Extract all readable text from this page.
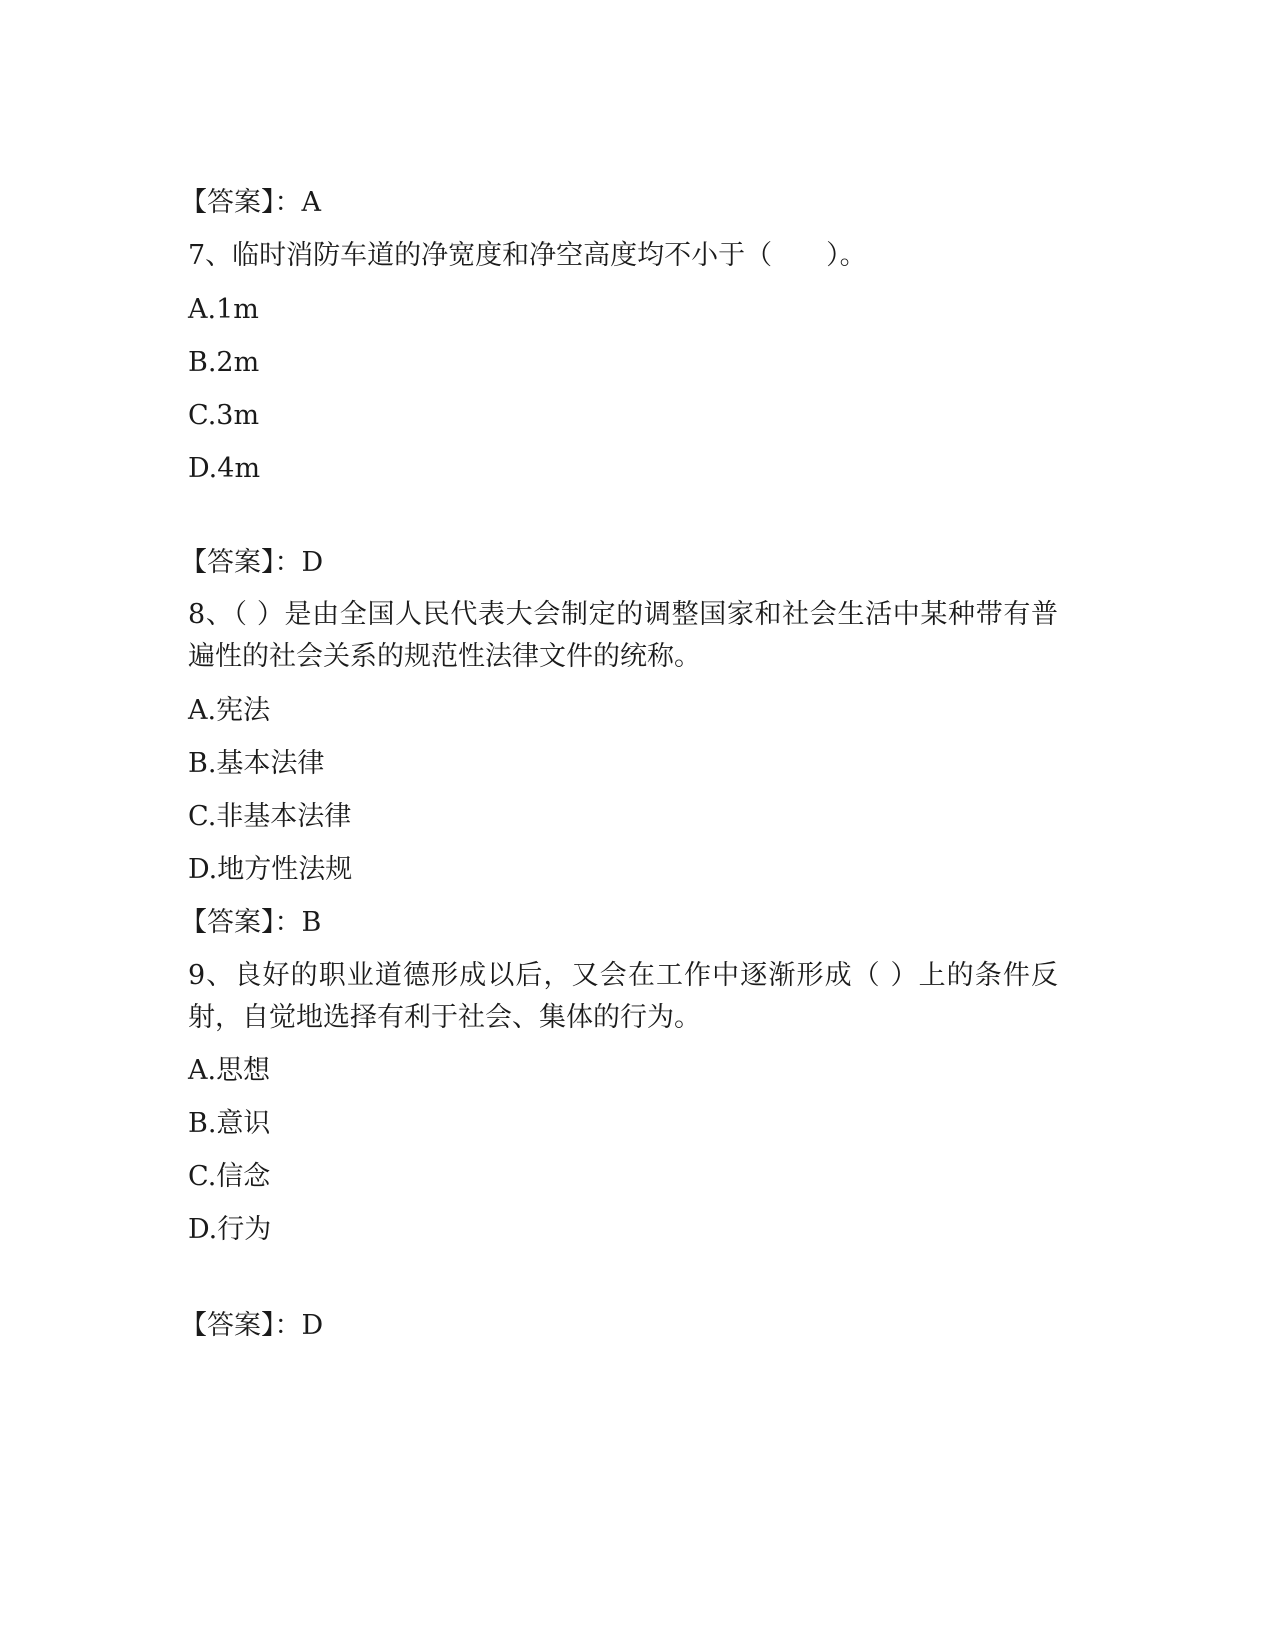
【答案】：A
7、临时消防车道的净宽度和净空高度均不小于（　　）。
A.1m
B.2m
C.3m
D.4m
【答案】：D
8、（ ）是由全国人民代表大会制定的调整国家和社会生活中某种带有普遍性的社会关系的规范性法律文件的统称。
A.宪法
B.基本法律
C.非基本法律
D.地方性法规
【答案】：B
9、良好的职业道德形成以后，又会在工作中逐渐形成（ ）上的条件反射，自觉地选择有利于社会、集体的行为。
A.思想
B.意识
C.信念
D.行为
【答案】：D
